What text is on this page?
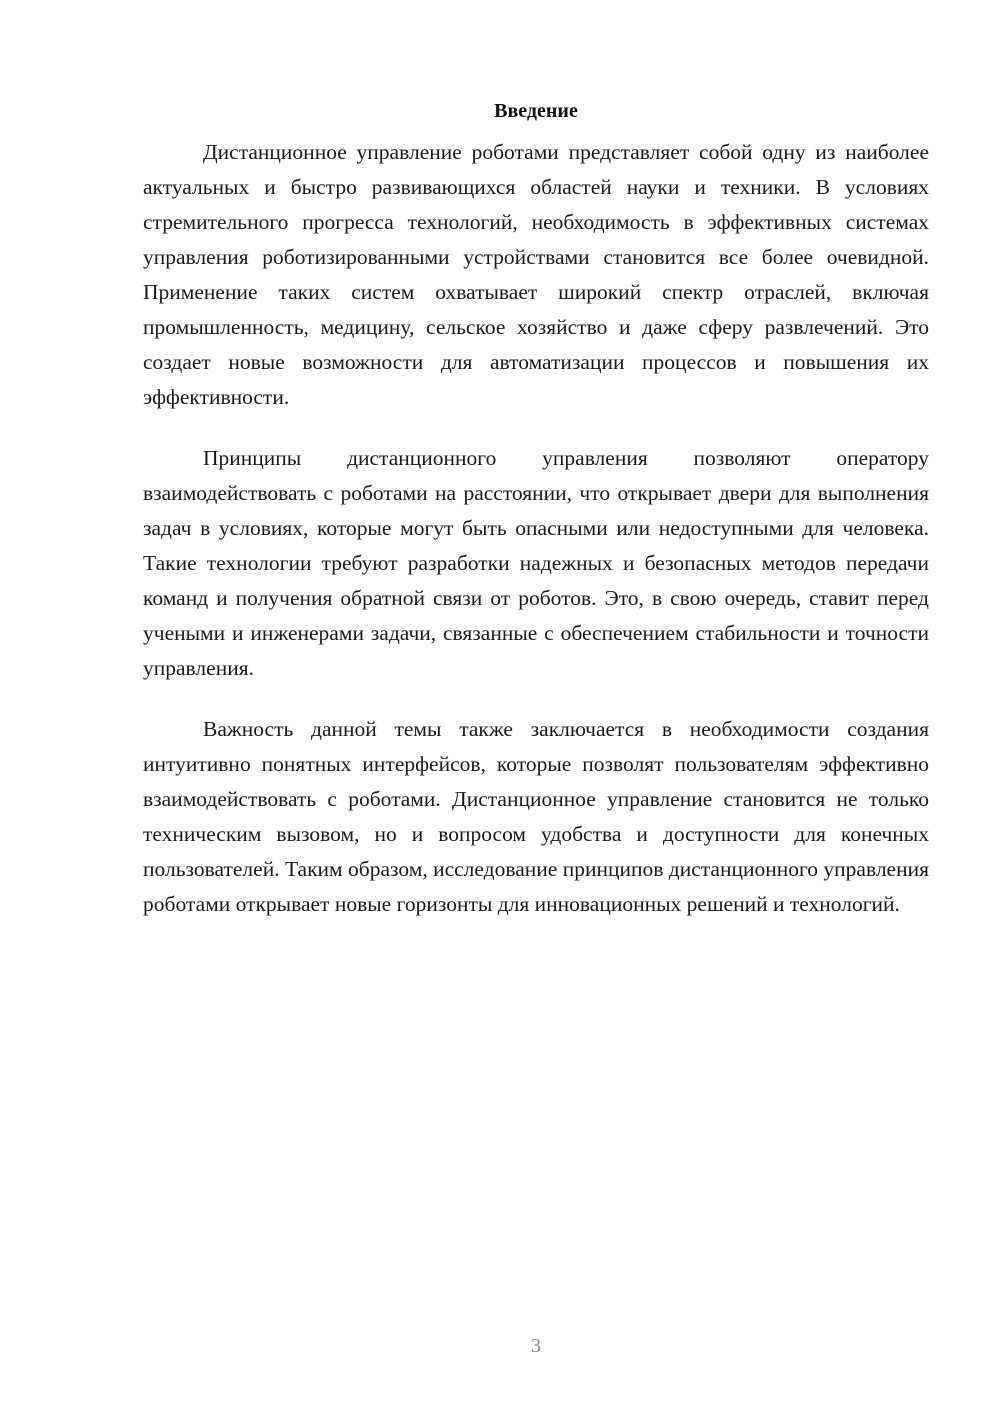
Введение

Дистанционное управление роботами представляет собой одну из наиболее актуальных и быстро развивающихся областей науки и техники. В условиях стремительного прогресса технологий, необходимость в эффективных системах управления роботизированными устройствами становится все более очевидной. Применение таких систем охватывает широкий спектр отраслей, включая промышленность, медицину, сельское хозяйство и даже сферу развлечений. Это создает новые возможности для автоматизации процессов и повышения их эффективности.

Принципы дистанционного управления позволяют оператору взаимодействовать с роботами на расстоянии, что открывает двери для выполнения задач в условиях, которые могут быть опасными или недоступными для человека. Такие технологии требуют разработки надежных и безопасных методов передачи команд и получения обратной связи от роботов. Это, в свою очередь, ставит перед учеными и инженерами задачи, связанные с обеспечением стабильности и точности управления.

Важность данной темы также заключается в необходимости создания интуитивно понятных интерфейсов, которые позволят пользователям эффективно взаимодействовать с роботами. Дистанционное управление становится не только техническим вызовом, но и вопросом удобства и доступности для конечных пользователей. Таким образом, исследование принципов дистанционного управления роботами открывает новые горизонты для инновационных решений и технологий.

3
